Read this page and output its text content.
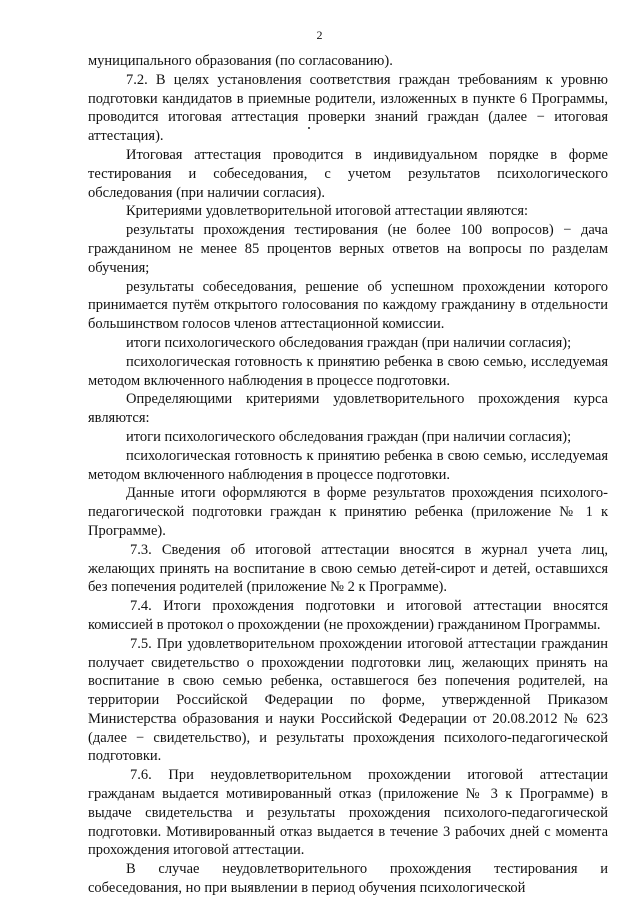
2

муниципального образования (по согласованию).

7.2. В целях установления соответствия граждан требованиям к уровню подготовки кандидатов в приемные родители, изложенных в пункте 6 Программы, проводится итоговая аттестация проверки знаний граждан (далее − итоговая аттестация).

Итоговая аттестация проводится в индивидуальном порядке в форме тестирования и собеседования, с учетом результатов психологического обследования (при наличии согласия).

Критериями удовлетворительной итоговой аттестации являются:

результаты прохождения тестирования (не более 100 вопросов) − дача гражданином не менее 85 процентов верных ответов на вопросы по разделам обучения;

результаты собеседования, решение об успешном прохождении которого принимается путём открытого голосования по каждому гражданину в отдельности большинством голосов членов аттестационной комиссии.

итоги психологического обследования граждан (при наличии согласия);

психологическая готовность к принятию ребенка в свою семью, исследуемая методом включенного наблюдения в процессе подготовки.

Определяющими критериями удовлетворительного прохождения курса являются:

итоги психологического обследования граждан (при наличии согласия);

психологическая готовность к принятию ребенка в свою семью, исследуемая методом включенного наблюдения в процессе подготовки.

Данные итоги оформляются в форме результатов прохождения психолого-педагогической подготовки граждан к принятию ребенка (приложение № 1 к Программе).

7.3. Сведения об итоговой аттестации вносятся в журнал учета лиц, желающих принять на воспитание в свою семью детей-сирот и детей, оставшихся без попечения родителей (приложение № 2 к Программе).

7.4. Итоги прохождения подготовки и итоговой аттестации вносятся комиссией в протокол о прохождении (не прохождении) гражданином Программы.

7.5. При удовлетворительном прохождении итоговой аттестации гражданин получает свидетельство о прохождении подготовки лиц, желающих принять на воспитание в свою семью ребенка, оставшегося без попечения родителей, на территории Российской Федерации по форме, утвержденной Приказом Министерства образования и науки Российской Федерации от 20.08.2012 № 623 (далее − свидетельство), и результаты прохождения психолого-педагогической подготовки.

7.6. При неудовлетворительном прохождении итоговой аттестации гражданам выдается мотивированный отказ (приложение № 3 к Программе) в выдаче свидетельства и результаты прохождения психолого-педагогической подготовки. Мотивированный отказ выдается в течение 3 рабочих дней с момента прохождения итоговой аттестации.

В случае неудовлетворительного прохождения тестирования и собеседования, но при выявлении в период обучения психологической
